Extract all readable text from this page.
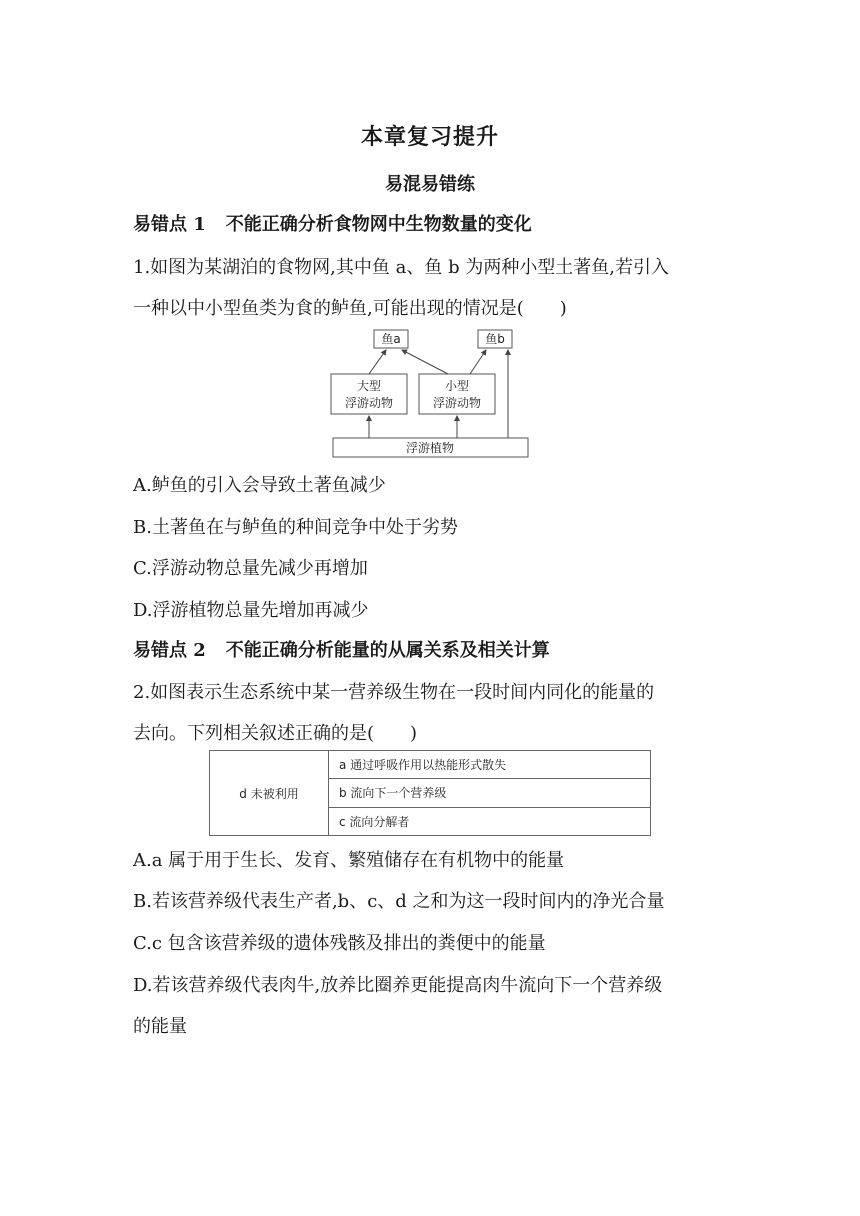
本章复习提升
易混易错练

易错点 1 不能正确分析食物网中生物数量的变化

1.如图为某湖泊的食物网,其中鱼 a、鱼 b 为两种小型土著鱼,若引入

一种以中小型鱼类为食的鲈鱼,可能出现的情况是(　　)

鱼a	鱼b
大型
浮游动物
小型
浮游动物
浮游植物

A.鲈鱼的引入会导致土著鱼减少

B.土著鱼在与鲈鱼的种间竞争中处于劣势

C.浮游动物总量先减少再增加

D.浮游植物总量先增加再减少

易错点 2 不能正确分析能量的从属关系及相关计算

2.如图表示生态系统中某一营养级生物在一段时间内同化的能量的

去向。下列相关叙述正确的是(　　)

d 未被利用
a 通过呼吸作用以热能形式散失
b 流向下一个营养级
c 流向分解者

A.a 属于用于生长、发育、繁殖储存在有机物中的能量

B.若该营养级代表生产者,b、c、d 之和为这一段时间内的净光合量

C.c 包含该营养级的遗体残骸及排出的粪便中的能量

D.若该营养级代表肉牛,放养比圈养更能提高肉牛流向下一个营养级

的能量
